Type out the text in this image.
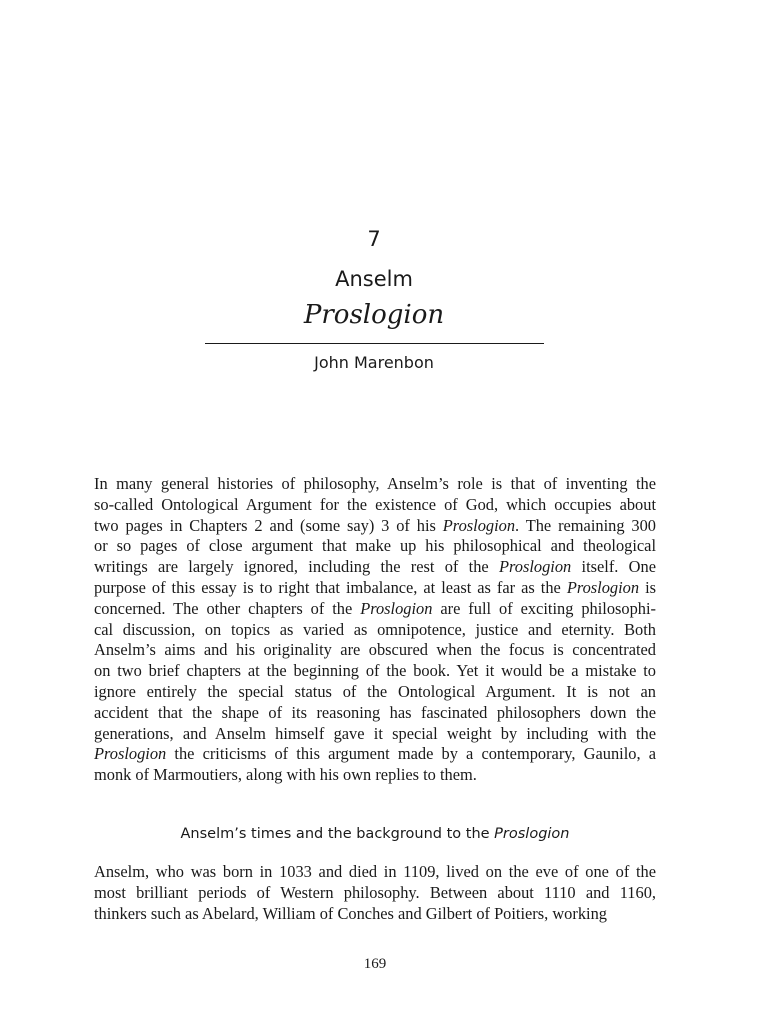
7
Anselm
Proslogion
John Marenbon
In many general histories of philosophy, Anselm’s role is that of inventing the
so-called Ontological Argument for the existence of God, which occupies about
two pages in Chapters 2 and (some say) 3 of his Proslogion. The remaining 300
or so pages of close argument that make up his philosophical and theological
writings are largely ignored, including the rest of the Proslogion itself. One
purpose of this essay is to right that imbalance, at least as far as the Proslogion is
concerned. The other chapters of the Proslogion are full of exciting philosophi-
cal discussion, on topics as varied as omnipotence, justice and eternity. Both
Anselm’s aims and his originality are obscured when the focus is concentrated
on two brief chapters at the beginning of the book. Yet it would be a mistake to
ignore entirely the special status of the Ontological Argument. It is not an
accident that the shape of its reasoning has fascinated philosophers down the
generations, and Anselm himself gave it special weight by including with the
Proslogion the criticisms of this argument made by a contemporary, Gaunilo, a
monk of Marmoutiers, along with his own replies to them.
Anselm’s times and the background to the Proslogion
Anselm, who was born in 1033 and died in 1109, lived on the eve of one of the
most brilliant periods of Western philosophy. Between about 1110 and 1160,
thinkers such as Abelard, William of Conches and Gilbert of Poitiers, working
169
